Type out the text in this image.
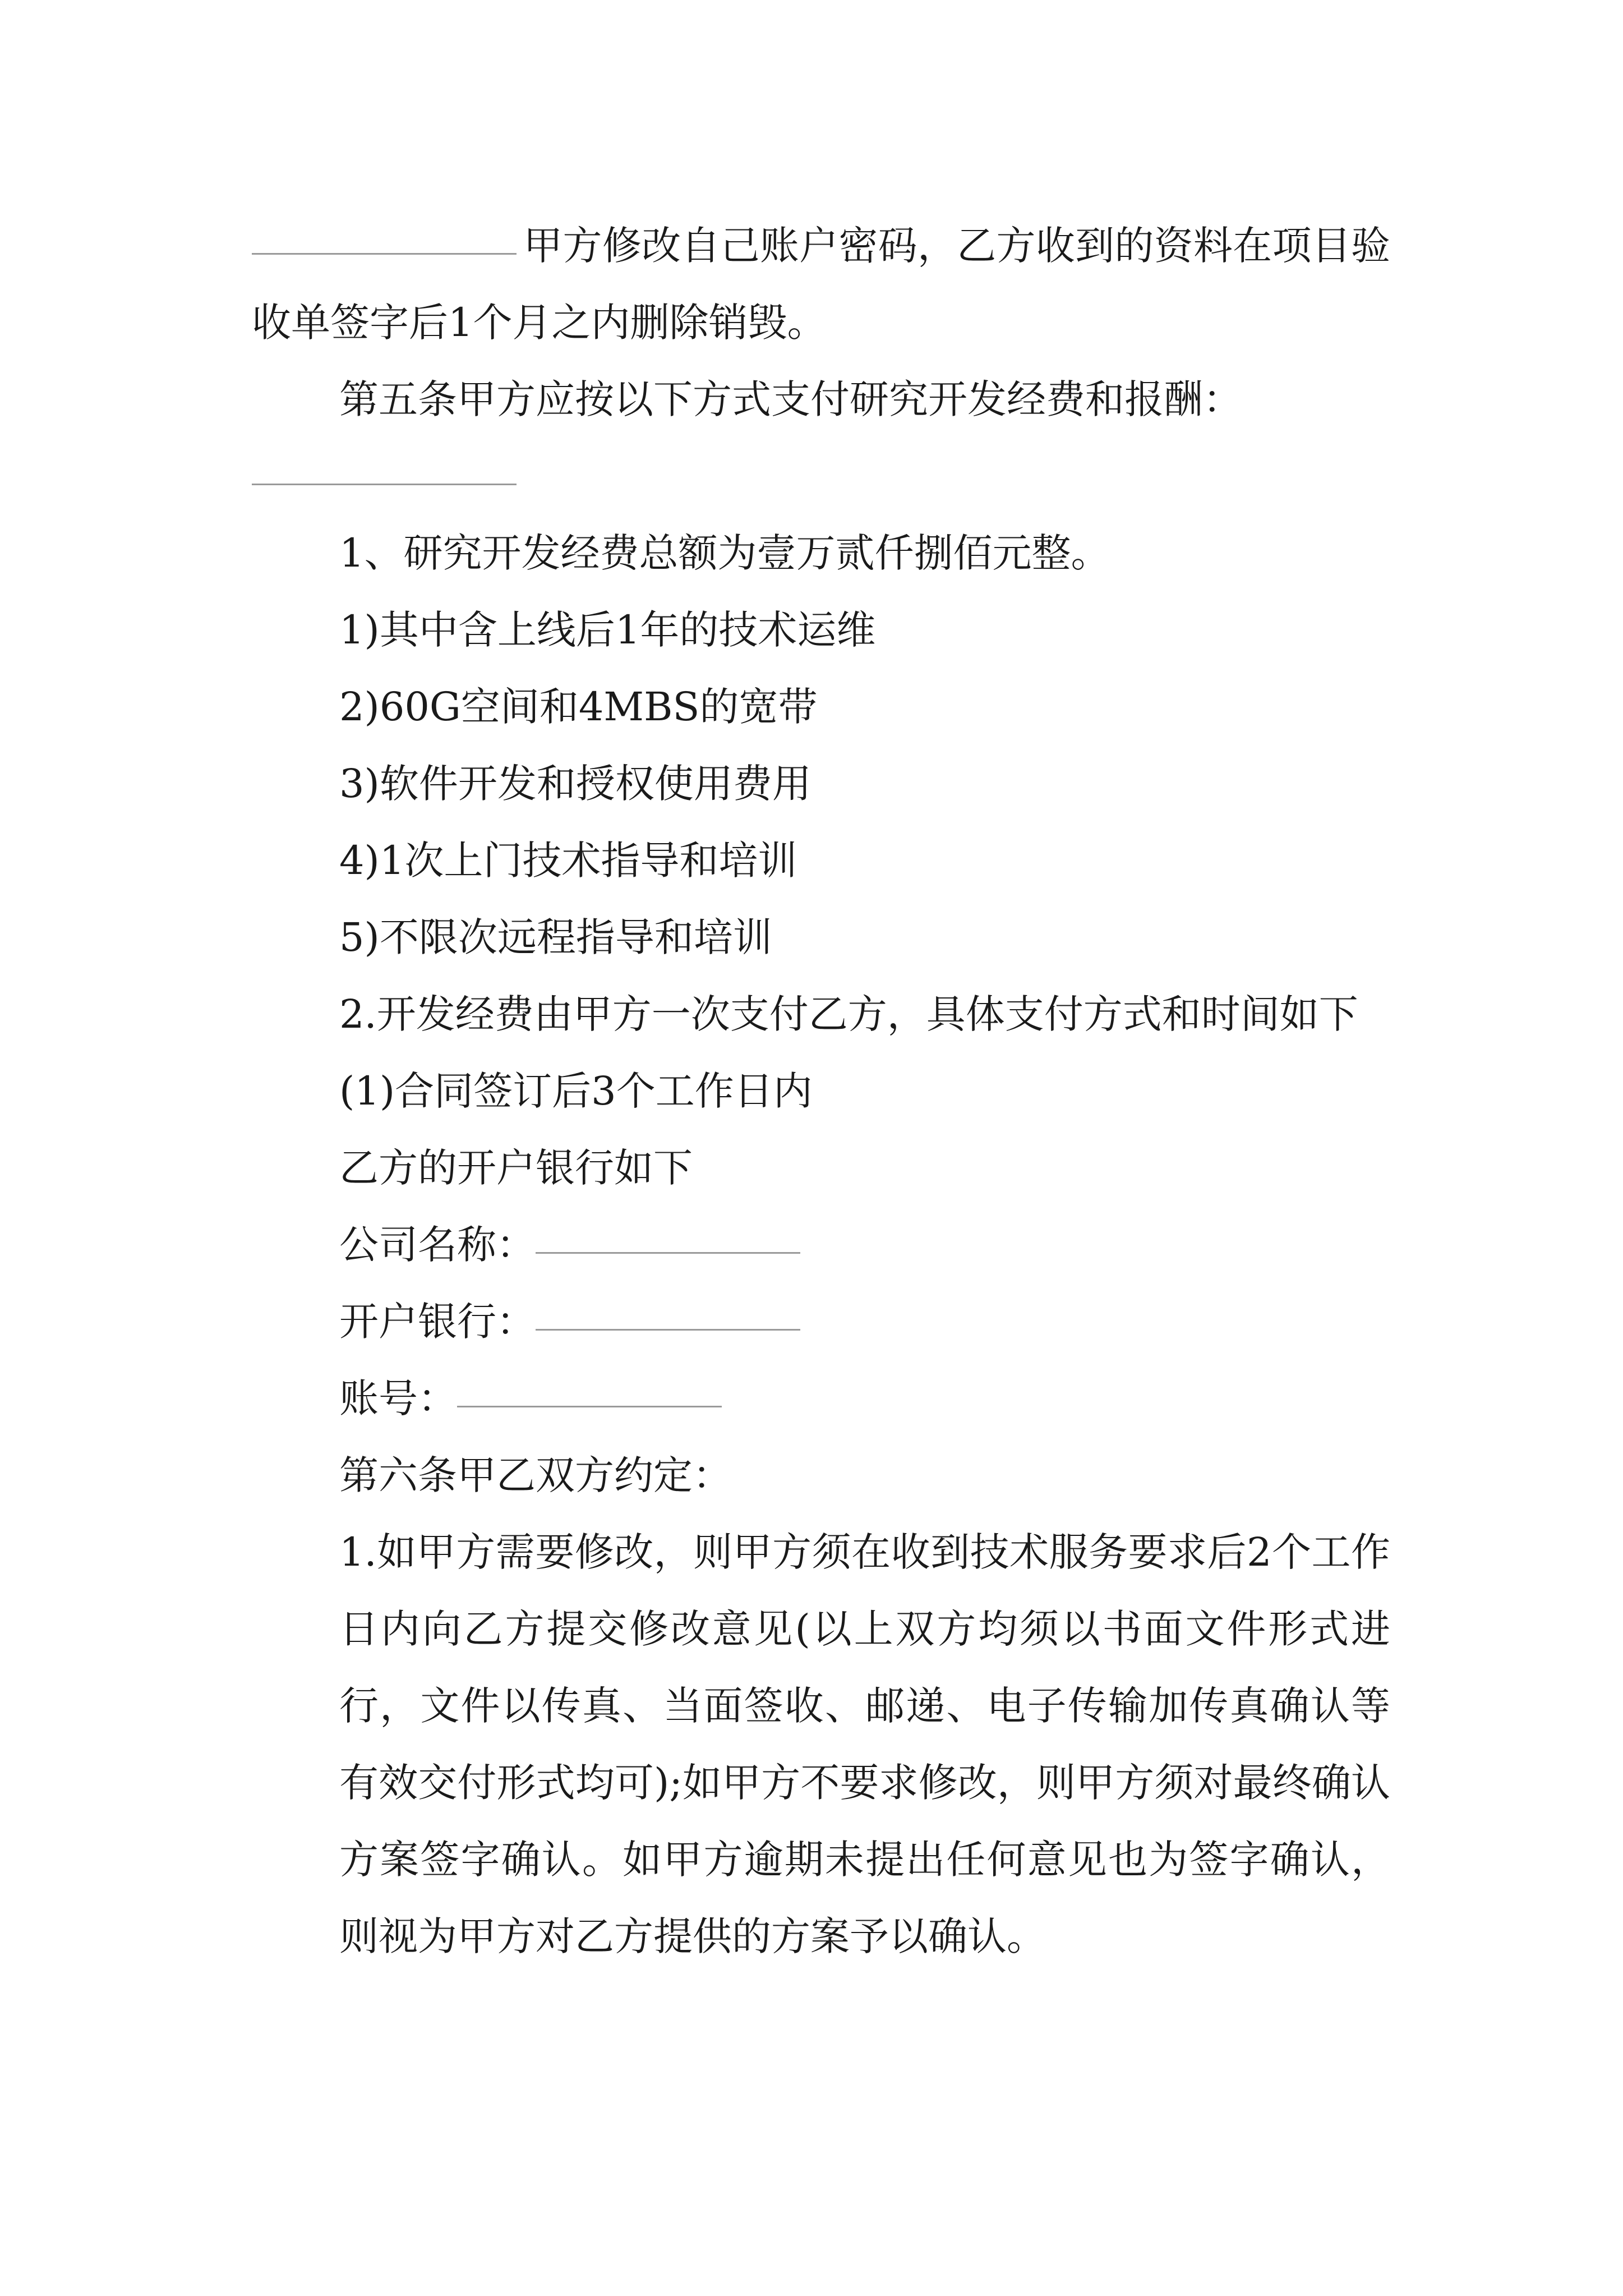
甲方修改自己账户密码，乙方收到的资料在项目验收单签字后1个月之内删除销毁。

第五条甲方应按以下方式支付研究开发经费和报酬：

1、研究开发经费总额为壹万贰仟捌佰元整。

1)其中含上线后1年的技术运维

2)60G空间和4MBS的宽带

3)软件开发和授权使用费用

4)1次上门技术指导和培训

5)不限次远程指导和培训

2.开发经费由甲方一次支付乙方，具体支付方式和时间如下

(1)合同签订后3个工作日内

乙方的开户银行如下

公司名称：

开户银行：

账号：

第六条甲乙双方约定：

1.如甲方需要修改，则甲方须在收到技术服务要求后2个工作日内向乙方提交修改意见(以上双方均须以书面文件形式进行，文件以传真、当面签收、邮递、电子传输加传真确认等有效交付形式均可);如甲方不要求修改，则甲方须对最终确认方案签字确认。如甲方逾期未提出任何意见也为签字确认，则视为甲方对乙方提供的方案予以确认。
